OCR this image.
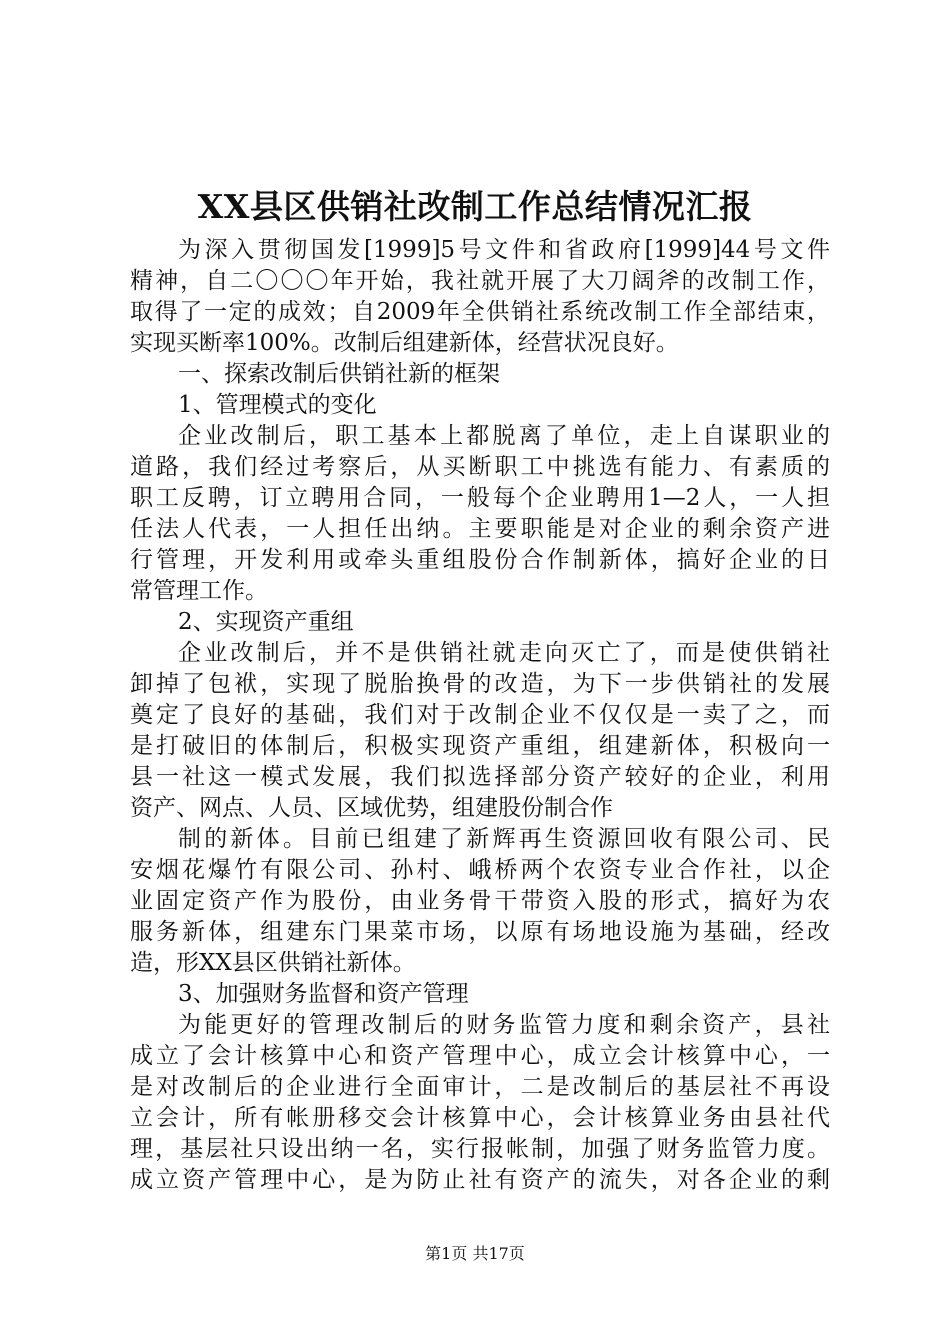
XX县区供销社改制工作总结情况汇报
为深入贯彻国发[1999]5号文件和省政府[1999]44号文件
精神，自二〇〇〇年开始，我社就开展了大刀阔斧的改制工作，
取得了一定的成效；自2009年全供销社系统改制工作全部结束，
实现买断率100%。改制后组建新体，经营状况良好。
一、探索改制后供销社新的框架
1、管理模式的变化
企业改制后，职工基本上都脱离了单位，走上自谋职业的
道路，我们经过考察后，从买断职工中挑选有能力、有素质的
职工反聘，订立聘用合同，一般每个企业聘用1—2人，一人担
任法人代表，一人担任出纳。主要职能是对企业的剩余资产进
行管理，开发利用或牵头重组股份合作制新体，搞好企业的日
常管理工作。
2、实现资产重组
企业改制后，并不是供销社就走向灭亡了，而是使供销社
卸掉了包袱，实现了脱胎换骨的改造，为下一步供销社的发展
奠定了良好的基础，我们对于改制企业不仅仅是一卖了之，而
是打破旧的体制后，积极实现资产重组，组建新体，积极向一
县一社这一模式发展，我们拟选择部分资产较好的企业，利用
资产、网点、人员、区域优势，组建股份制合作
制的新体。目前已组建了新辉再生资源回收有限公司、民
安烟花爆竹有限公司、孙村、峨桥两个农资专业合作社，以企
业固定资产作为股份，由业务骨干带资入股的形式，搞好为农
服务新体，组建东门果菜市场，以原有场地设施为基础，经改
造，形XX县区供销社新体。
3、加强财务监督和资产管理
为能更好的管理改制后的财务监管力度和剩余资产，县社
成立了会计核算中心和资产管理中心，成立会计核算中心，一
是对改制后的企业进行全面审计，二是改制后的基层社不再设
立会计，所有帐册移交会计核算中心，会计核算业务由县社代
理，基层社只设出纳一名，实行报帐制，加强了财务监管力度。
成立资产管理中心，是为防止社有资产的流失，对各企业的剩
第1页 共17页
